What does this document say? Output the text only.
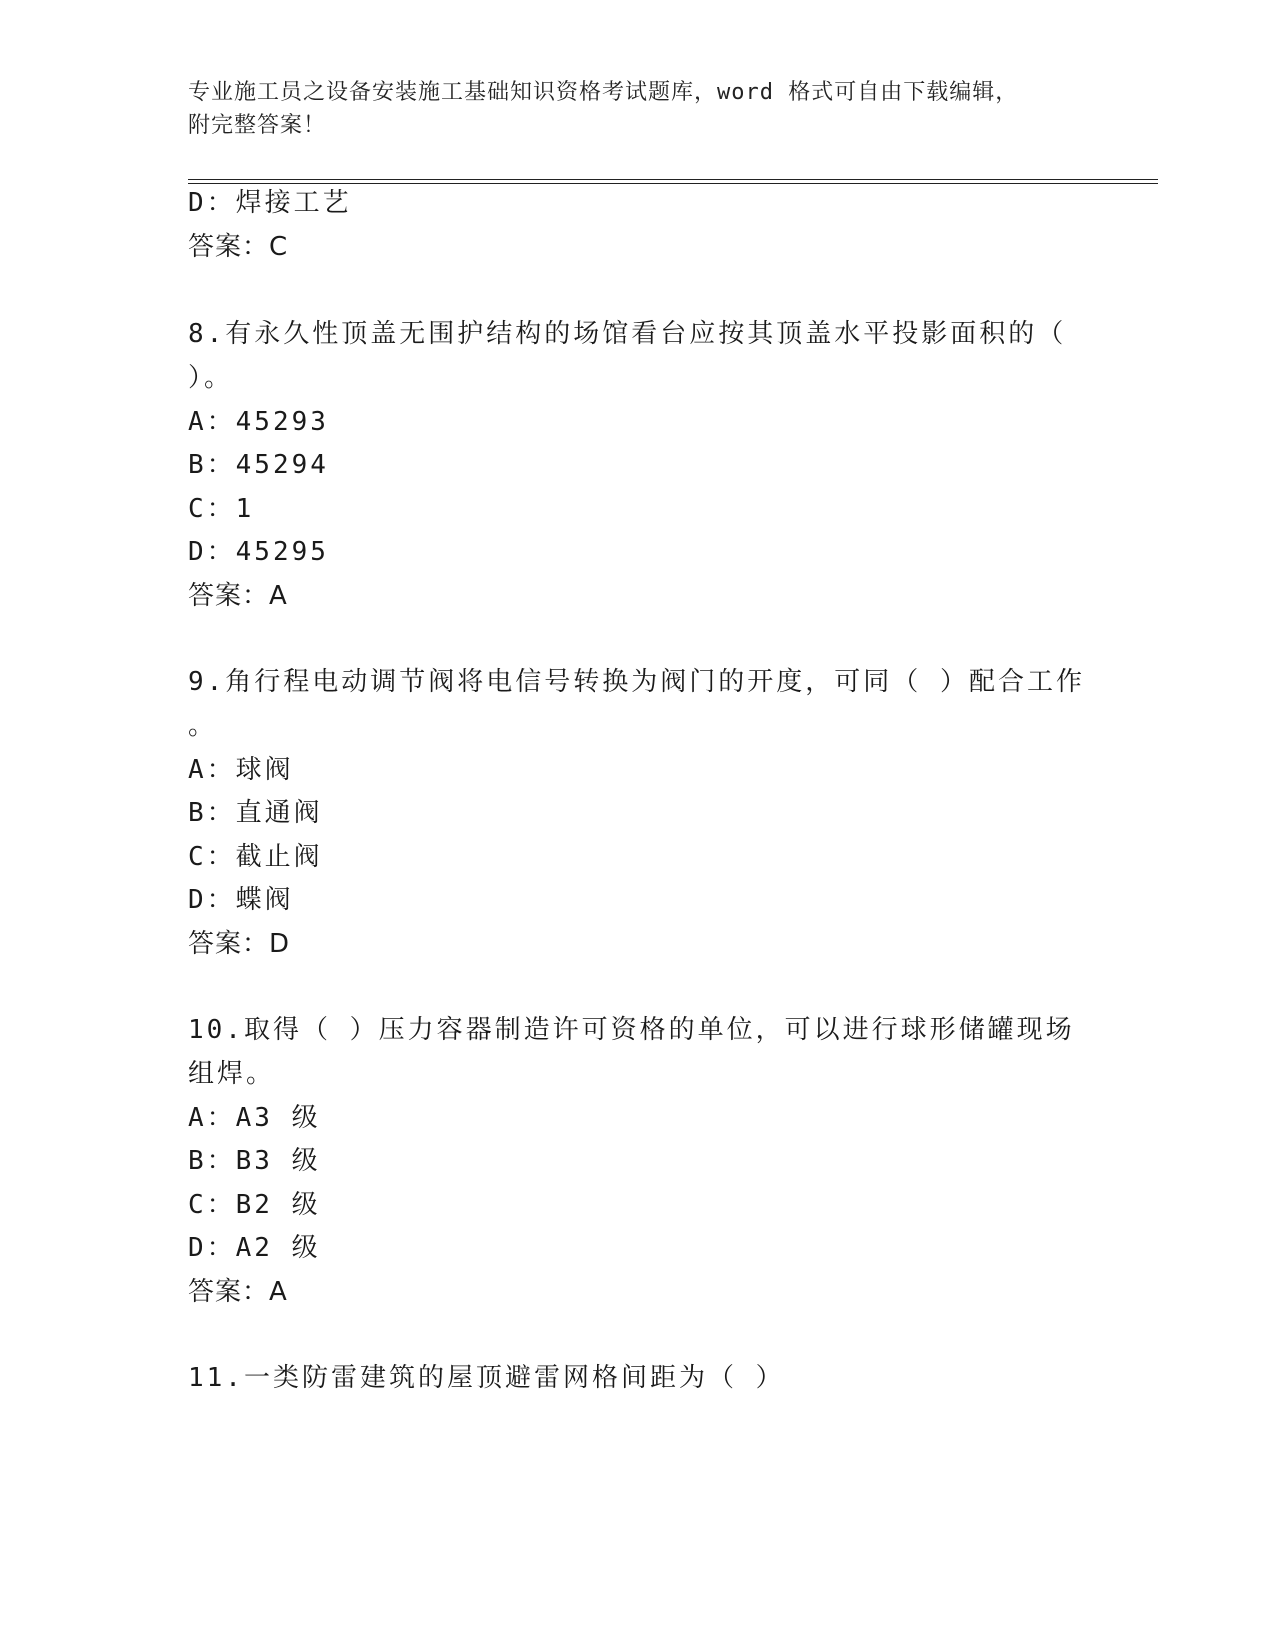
专业施工员之设备安装施工基础知识资格考试题库，word 格式可自由下载编辑，
附完整答案！
D：焊接工艺
答案：C
8.有永久性顶盖无围护结构的场馆看台应按其顶盖水平投影面积的（
）。
A：45293
B：45294
C：1
D：45295
答案：A
9.角行程电动调节阀将电信号转换为阀门的开度，可同（ ）配合工作
。
A：球阀
B：直通阀
C：截止阀
D：蝶阀
答案：D
10.取得（ ）压力容器制造许可资格的单位，可以进行球形储罐现场
组焊。
A：A3 级
B：B3 级
C：B2 级
D：A2 级
答案：A
11.一类防雷建筑的屋顶避雷网格间距为（ ）
